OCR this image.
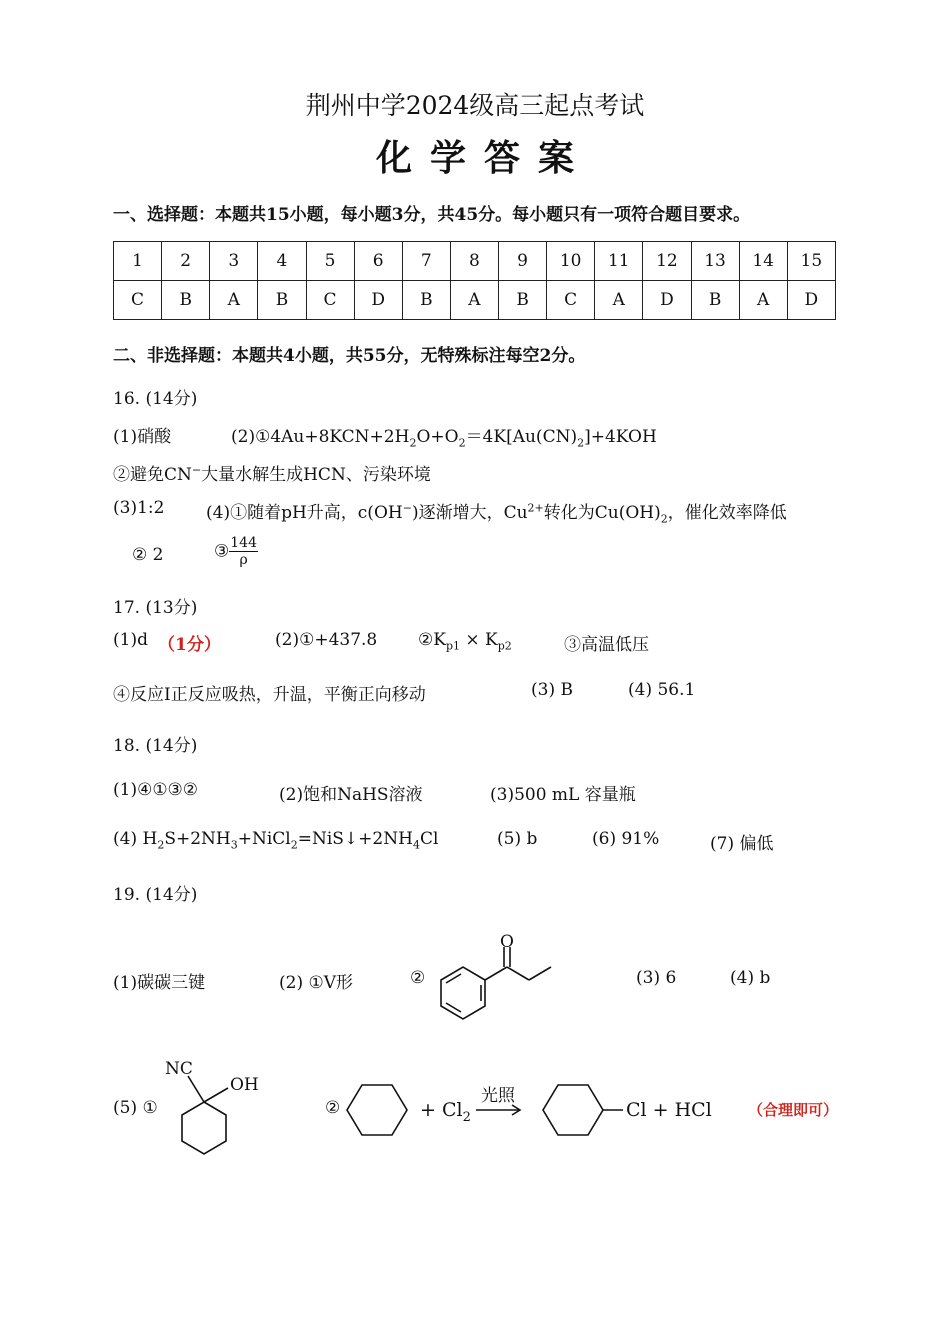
荆州中学2024级高三起点考试
化学答案
一、选择题：本题共15小题，每小题3分，共45分。每小题只有一项符合题目要求。
1	2	3	4	5	6	7	8	9	10	11	12	13	14	15
C	B	A	B	C	D	B	A	B	C	A	D	B	A	D
二、非选择题：本题共4小题，共55分，无特殊标注每空2分。
16. (14分)
(1)硝酸	$(2)①4Au+8KCN+2H_2O+O_2=4K[Au(CN)_2]+4KOH$
②避免CN−大量水解生成HCN、污染环境
(3)1:2 (4)①随着pH升高，c(OH−)逐渐增大，$Cu^{2+}$转化为$Cu(OH)_2$，催化效率降低
② 2	③ $\frac{144}{\rho}$
17. (13分)
(1)d （1分）	(2)①+437.8 $②K_{p1} \times K_{p2}$	③高温低压
④反应I正反应吸热，升温，平衡正向移动	(3) B	(4) 56.1
18. (14分)
(1)④①③②	(2)饱和NaHS溶液	(3)500 mL 容量瓶
(4) $H_2S+2NH_3+NiCl_2=NiS↓+2NH_4Cl$	(5) b	(6) 91%	(7) 偏低
19. (14分)
(1)碳碳三键	(2) ①V形	②
O
(3) 6	(4) b
(5) ①
NC
OH
②	+ $Cl_2$
光照
Cl + HCl （合理即可）
